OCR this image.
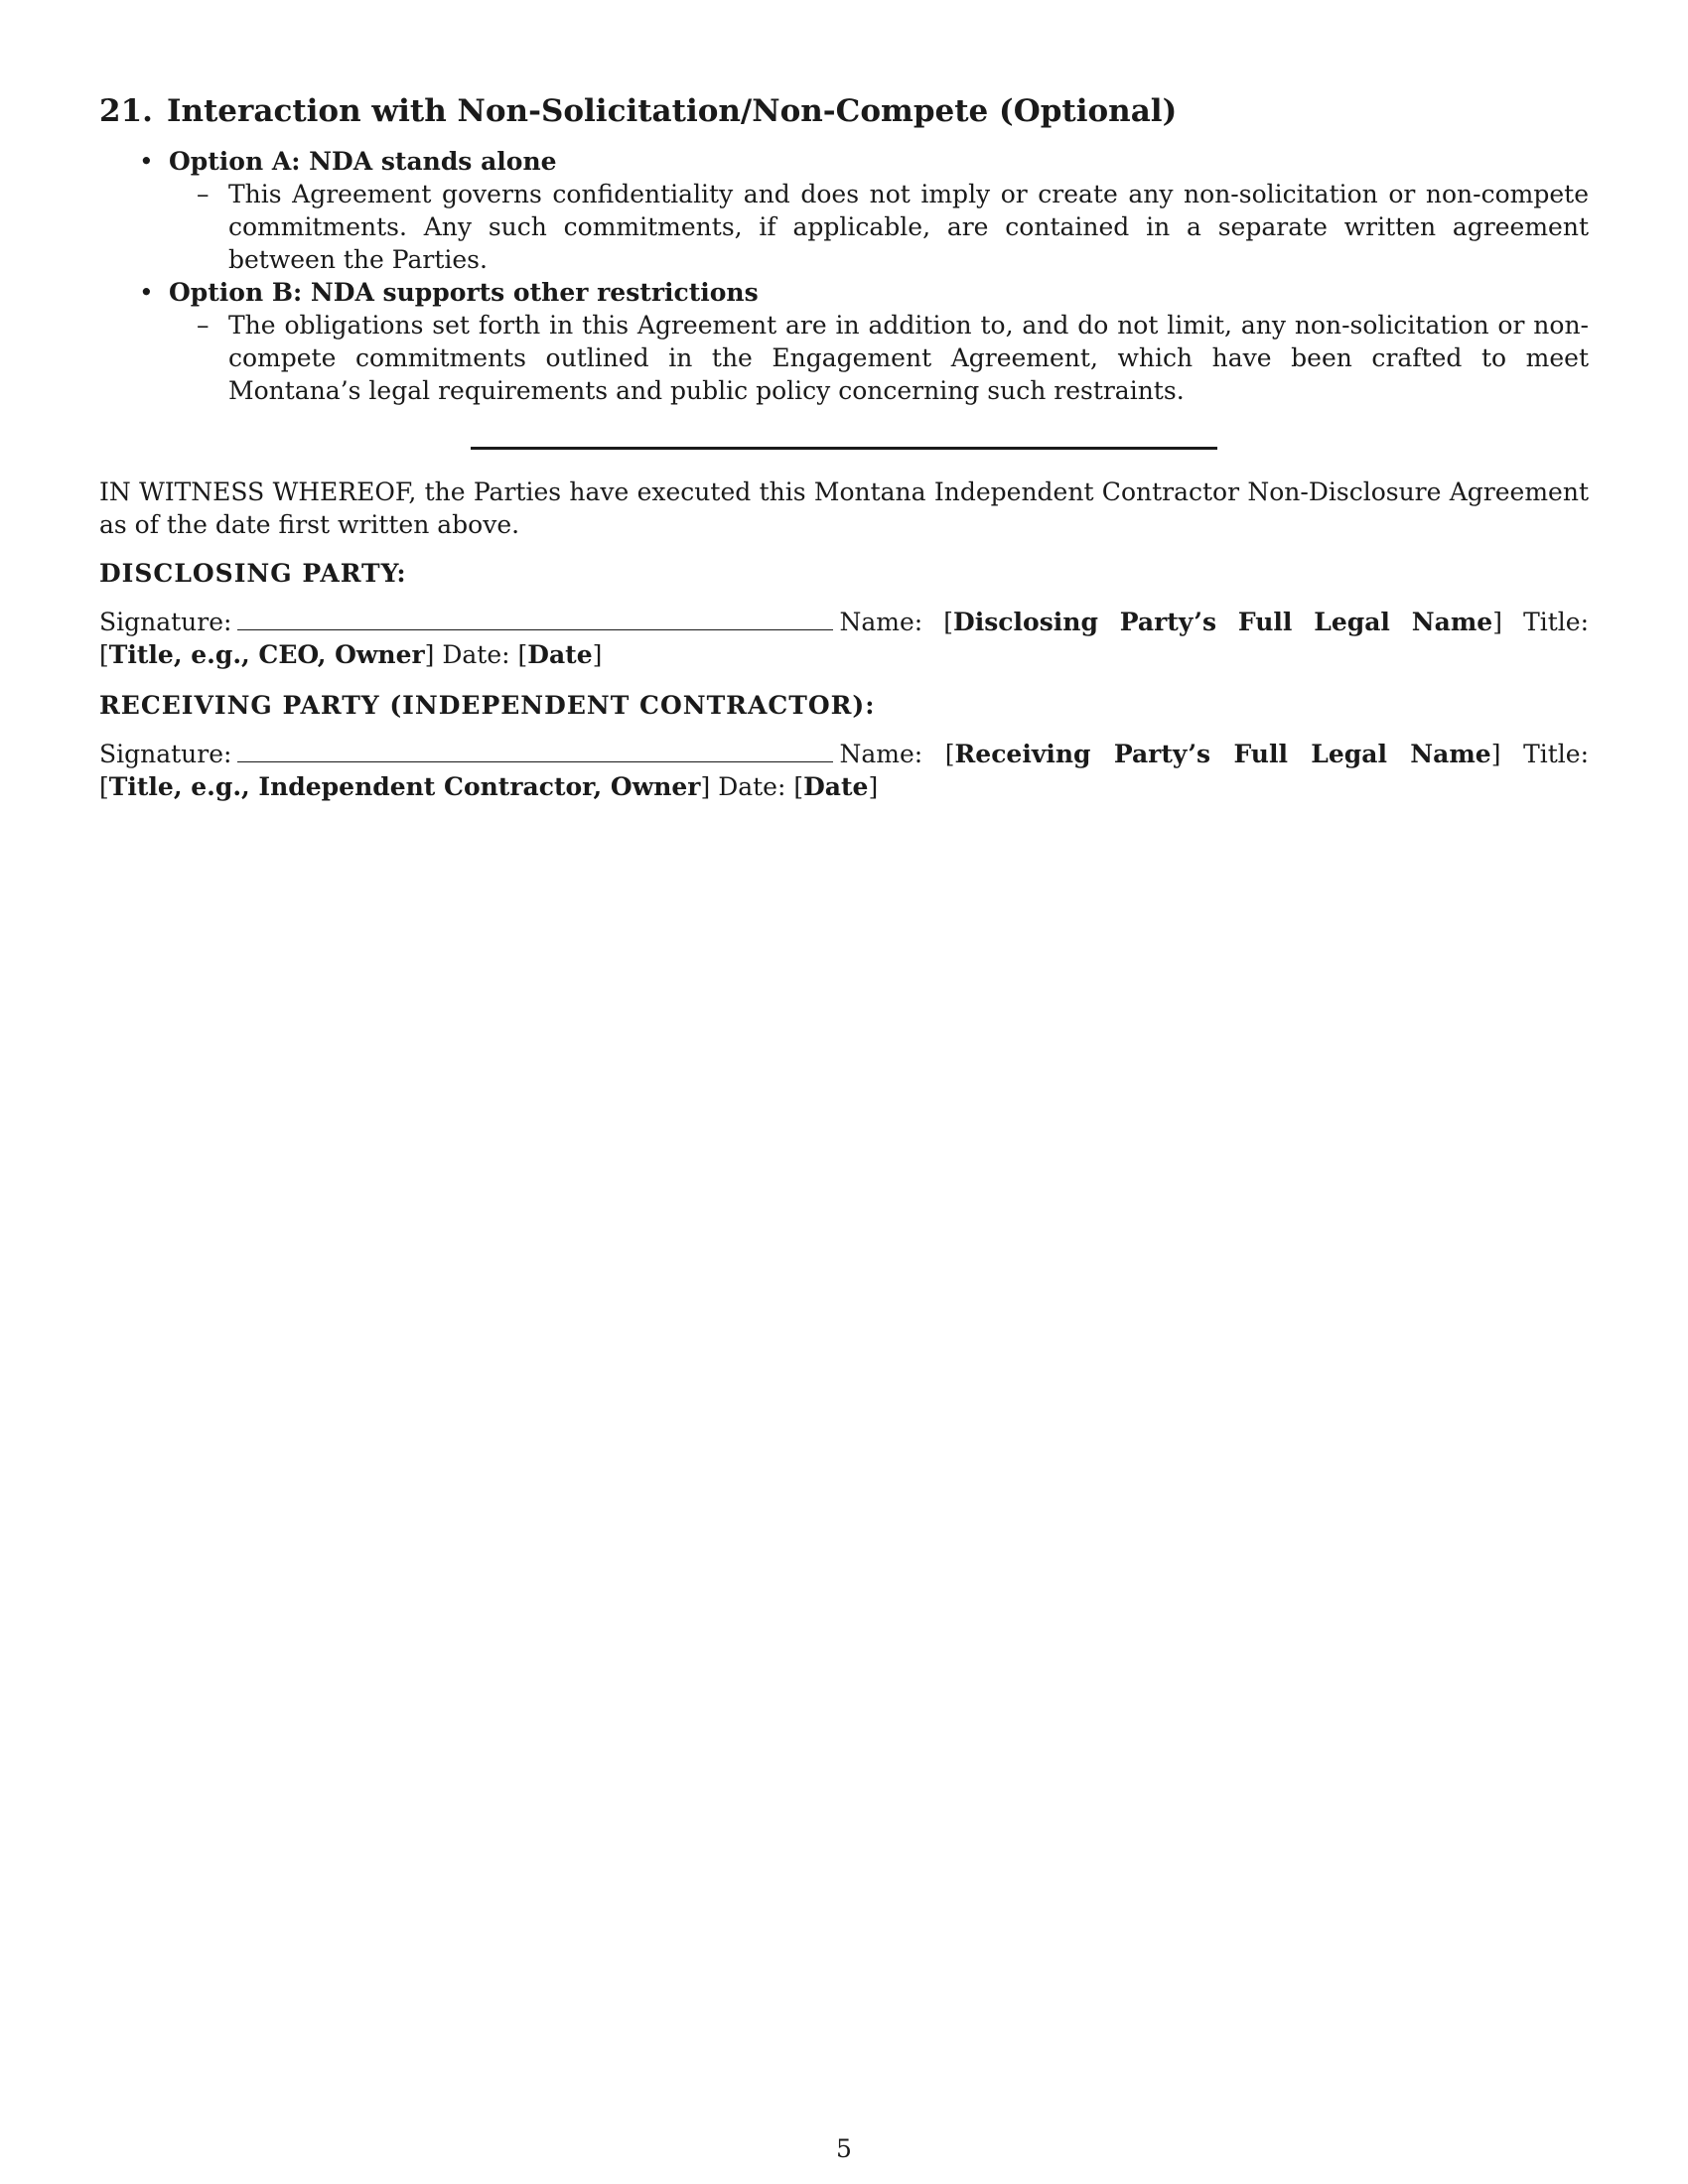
21. Interaction with Non-Solicitation/Non-Compete (Optional)
• Option A: NDA stands alone
– This Agreement governs confidentiality and does not imply or create any non-solicitation or non-compete commitments. Any such commitments, if applicable, are contained in a separate written agreement between the Parties.
• Option B: NDA supports other restrictions
– The obligations set forth in this Agreement are in addition to, and do not limit, any non-solicitation or non-compete commitments outlined in the Engagement Agreement, which have been crafted to meet Montana’s legal requirements and public policy concerning such restraints.

IN WITNESS WHEREOF, the Parties have executed this Montana Independent Contractor Non-Disclosure Agreement as of the date first written above.

DISCLOSING PARTY:
Signature:	Name: [Disclosing Party’s Full Legal Name] Title: [Title, e.g., CEO, Owner] Date: [Date]
RECEIVING PARTY (INDEPENDENT CONTRACTOR):
Signature:	Name: [Receiving Party’s Full Legal Name] Title: [Title, e.g., Independent Contractor, Owner] Date: [Date]
5
